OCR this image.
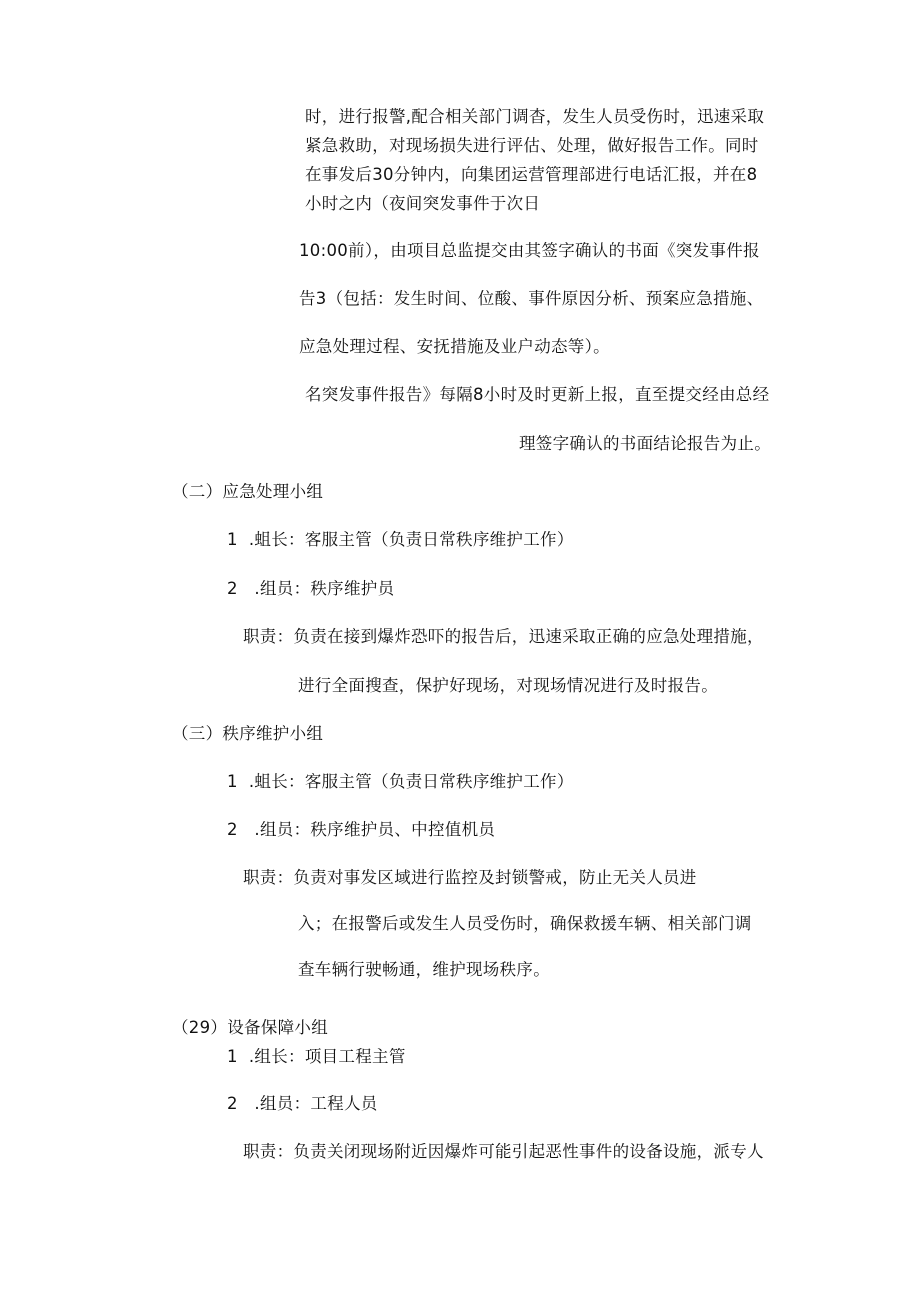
时，进行报警,配合相关部门调杳，发生人员受伤时，迅速采取
紧急救助，对现场损失进行评估、处理，做好报告工作。同时
在事发后30分钟内，向集团运营管理部进行电话汇报，并在8
小时之内（夜间突发事件于次日
10:00前），由项目总监提交由其签字确认的书面《突发事件报
告3（包括：发生时间、位酸、事件原因分析、预案应急措施、
应急处理过程、安抚措施及业户动态等）。
名突发事件报告》每隔8小时及时更新上报，直至提交经由总经
理签字确认的书面结论报告为止。
（二）应急处理小组
1  .蛆长：客服主管（负责日常秩序维护工作）
2   .组员：秩序维护员
职责：负责在接到爆炸恐吓的报告后，迅速采取正确的应急处理措施，
进行全面搜查，保护好现场，对现场情况进行及时报告。
（三）秩序维护小组
1  .蛆长：客服主管（负责日常秩序维护工作）
2   .组员：秩序维护员、中控值机员
职责：负责对事发区域进行监控及封锁警戒，防止无关人员进
入；在报警后或发生人员受伤时，确保救援车辆、相关部门调
查车辆行驶畅通，维护现场秩序。
（29）设备保障小组
1  .组长：项目工程主管
2   .组员：工程人员
职责：负责关闭现场附近因爆炸可能引起恶性事件的设备设施，派专人
